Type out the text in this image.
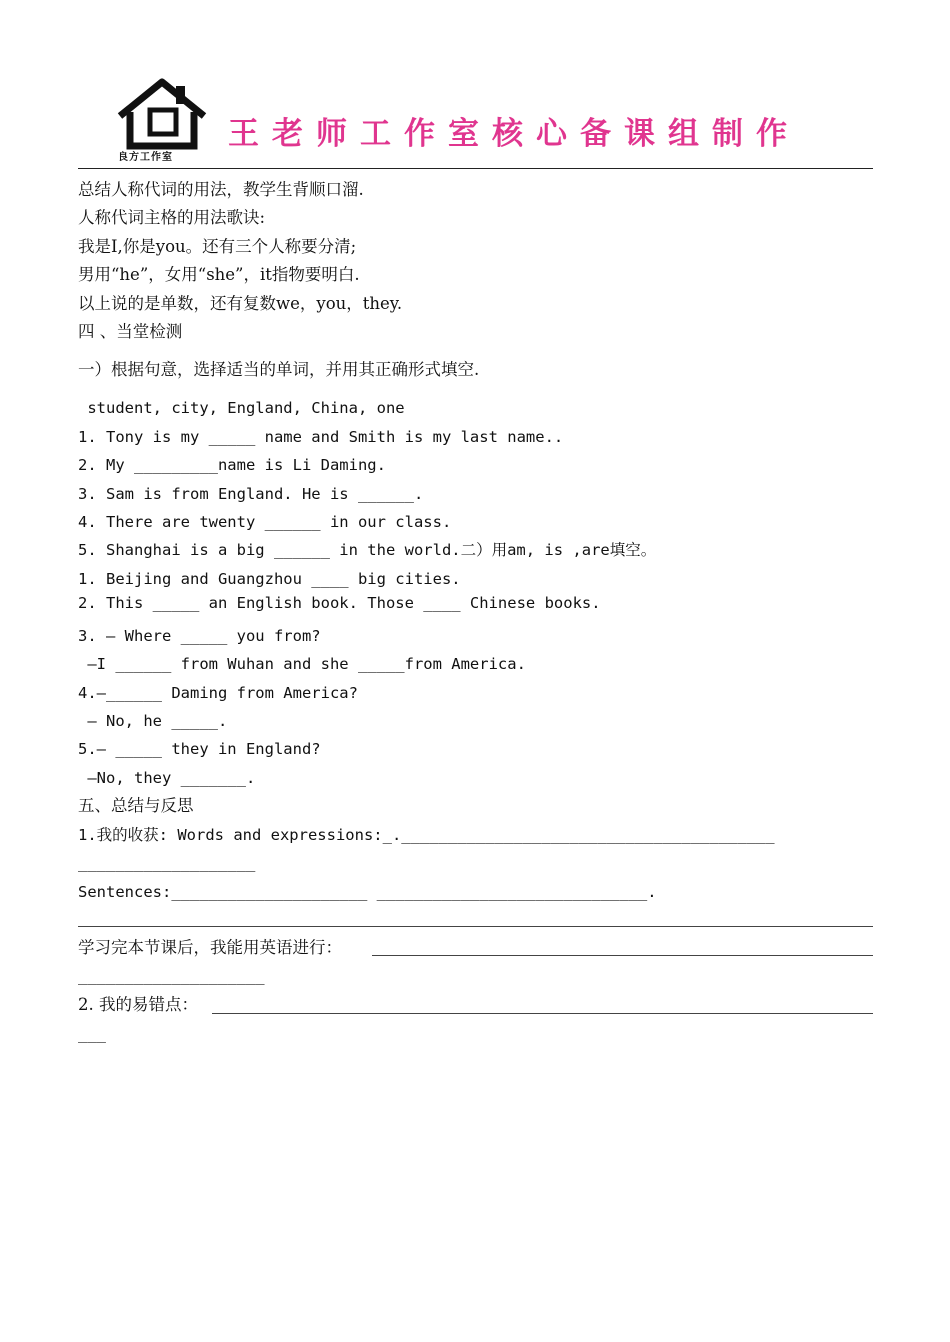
良方工作室
王老师工作室核心备课组制作
总结人称代词的用法，教学生背顺口溜.
人称代词主格的用法歌诀:
我是I,你是you。还有三个人称要分清;
男用“he”，女用“she”，it指物要明白.
以上说的是单数，还有复数we，you，they.
四 、当堂检测
一）根据句意，选择适当的单词，并用其正确形式填空.
student, city, England, China, one
1. Tony is my _____ name and Smith is my last name..
2. My _________name is Li Daming.
3. Sam is from England. He is ______.
4. There are twenty ______ in our class.
5. Shanghai is a big ______ in the world.二）用am, is ,are填空。
1. Beijing and Guangzhou ____ big cities.
2. This _____ an English book. Those ____ Chinese books.
3. — Where _____ you from?
—I ______ from Wuhan and she _____from America.
4.—______ Daming from America?
— No, he _____.
5.— _____ they in England?
—No, they _______.
五、总结与反思
1.我的收获: Words and expressions:_.________________________________________
___________________
Sentences:_____________________ _____________________________.
学习完本节课后，我能用英语进行：
____________________
2. 我的易错点：
___
